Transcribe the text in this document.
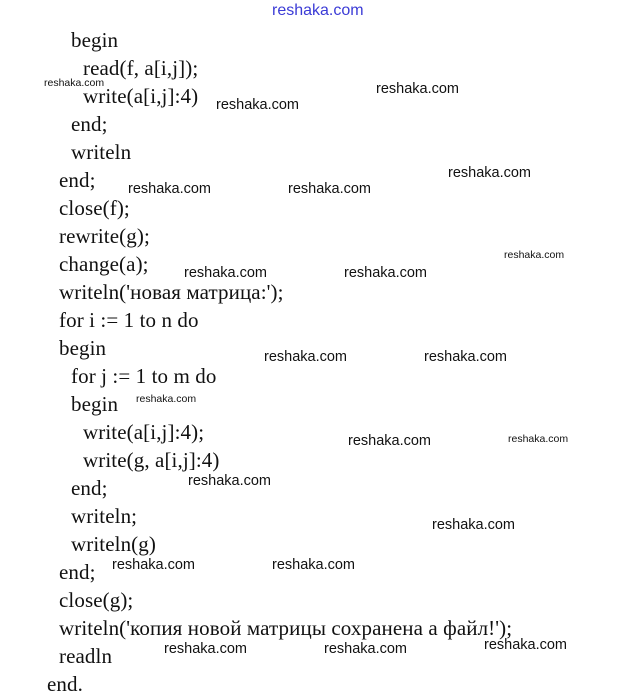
reshaka.com
reshaka.com
reshaka.com
reshaka.com
reshaka.com
reshaka.com	reshaka.com
reshaka.com
reshaka.com	reshaka.com
reshaka.com	reshaka.com
reshaka.com
reshaka.com	reshaka.com
reshaka.com
reshaka.com
reshaka.com	reshaka.com
reshaka.com	reshaka.com	reshaka.com
begin
read(f, a[i,j]);
write(a[i,j]:4)
end;
writeln
end;
close(f);
rewrite(g);
change(a);
writeln('новая матрица:');
for i := 1 to n do
begin
for j := 1 to m do
begin
write(a[i,j]:4);
write(g, a[i,j]:4)
end;
writeln;
writeln(g)
end;
close(g);
writeln('копия новой матрицы сохранена а файл!');
readln
end.
